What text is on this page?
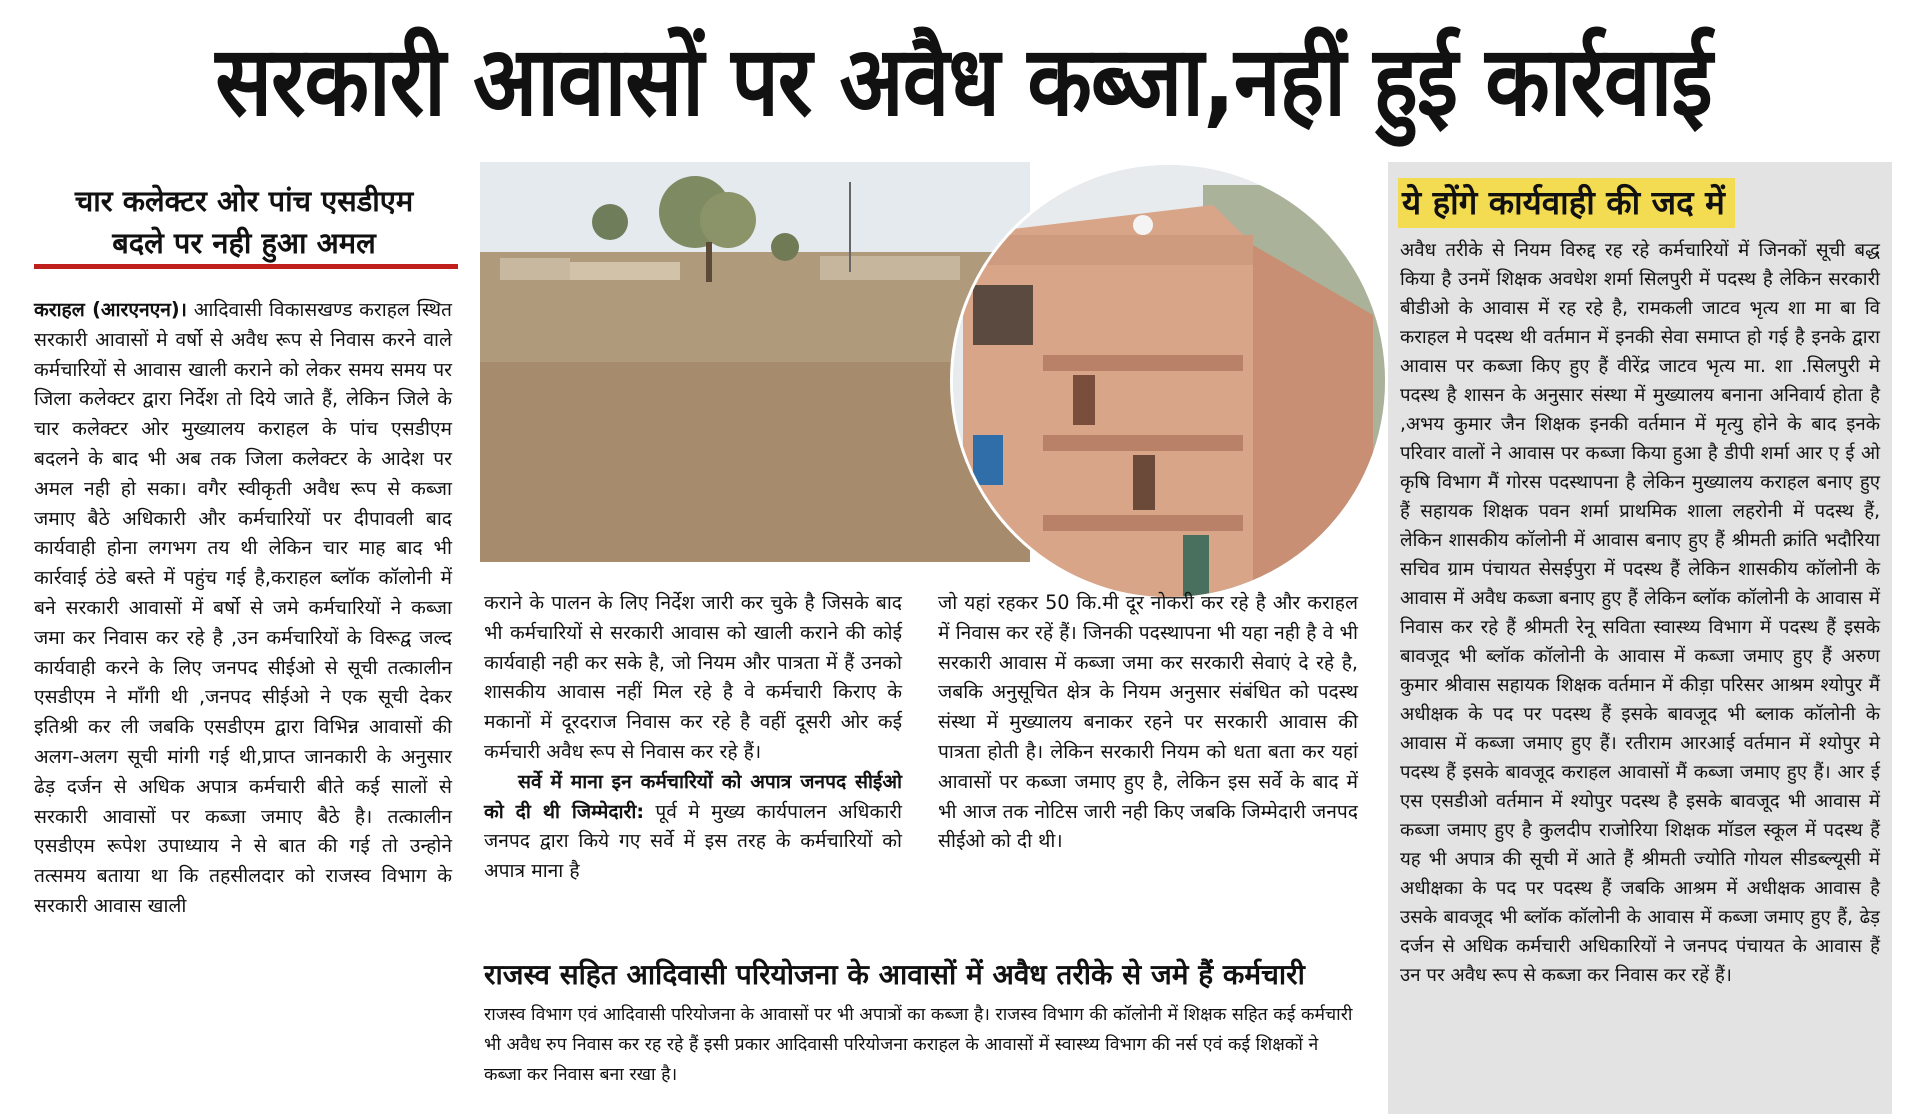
सरकारी आवासों पर अवैध कब्जा,नहीं हुई कार्रवाई
चार कलेक्टर ओर पांच एसडीएम
बदले पर नही हुआ अमल

कराहल (आरएनएन)। आदिवासी विकासखण्ड कराहल स्थित सरकारी आवासों मे वर्षो से अवैध रूप से निवास करने वाले कर्मचारियों से आवास खाली कराने को लेकर समय समय पर जिला कलेक्टर द्वारा निर्देश तो दिये जाते हैं, लेकिन जिले के चार कलेक्टर ओर मुख्यालय कराहल के पांच एसडीएम बदलने के बाद भी अब तक जिला कलेक्टर के आदेश पर अमल नही हो सका। वगैर स्वीकृती अवैध रूप से कब्जा जमाए बैठे अधिकारी और कर्मचारियों पर दीपावली बाद कार्यवाही होना लगभग तय थी लेकिन चार माह बाद भी कार्रवाई ठंडे बस्ते में पहुंच गई है,कराहल ब्लॉक कॉलोनी में बने सरकारी आवासों में बर्षो से जमे कर्मचारियों ने कब्जा जमा कर निवास कर रहे है ,उन कर्मचारियों के विरूद्व जल्द कार्यवाही करने के लिए जनपद सीईओ से सूची तत्कालीन एसडीएम ने माँगी थी ,जनपद सीईओ ने एक सूची देकर इतिश्री कर ली जबकि एसडीएम द्वारा विभिन्न आवासों की अलग-अलग सूची मांगी गई थी,प्राप्त जानकारी के अनुसार ढेड़ दर्जन से अधिक अपात्र कर्मचारी बीते कई सालों से सरकारी आवासों पर कब्जा जमाए बैठे है। तत्कालीन एसडीएम रूपेश उपाध्याय ने से बात की गई तो उन्होने तत्समय बताया था कि तहसीलदार को राजस्व विभाग के सरकारी आवास खाली

कराने के पालन के लिए निर्देश जारी कर चुके है जिसके बाद भी कर्मचारियों से सरकारी आवास को खाली कराने की कोई कार्यवाही नही कर सके है, जो नियम और पात्रता में हैं उनको शासकीय आवास नहीं मिल रहे है वे कर्मचारी किराए के मकानों में दूरदराज निवास कर रहे है वहीं दूसरी ओर कई कर्मचारी अवैध रूप से निवास कर रहे हैं।

सर्वे में माना इन कर्मचारियों को अपात्र जनपद सीईओ को दी थी जिम्मेदारी: पूर्व मे मुख्य कार्यपालन अधिकारी जनपद द्वारा किये गए सर्वे में इस तरह के कर्मचारियों को अपात्र माना है

जो यहां रहकर 50 कि.मी दूर नोकरी कर रहे है और कराहल में निवास कर रहें हैं। जिनकी पदस्थापना भी यहा नही है वे भी सरकारी आवास में कब्जा जमा कर सरकारी सेवाएं दे रहे है, जबकि अनुसूचित क्षेत्र के नियम अनुसार संबंधित को पदस्थ संस्था में मुख्यालय बनाकर रहने पर सरकारी आवास की पात्रता होती है। लेकिन सरकारी नियम को धता बता कर यहां आवासों पर कब्जा जमाए हुए है, लेकिन इस सर्वे के बाद में भी आज तक नोटिस जारी नही किए जबकि जिम्मेदारी जनपद सीईओ को दी थी।

राजस्व सहित आदिवासी परियोजना के आवासों में अवैध तरीके से जमे हैं कर्मचारी
राजस्व विभाग एवं आदिवासी परियोजना के आवासों पर भी अपात्रों का कब्जा है। राजस्व विभाग की कॉलोनी में शिक्षक सहित कई कर्मचारी भी अवैध रुप निवास कर रह रहे हैं इसी प्रकार आदिवासी परियोजना कराहल के आवासों में स्वास्थ्य विभाग की नर्स एवं कई शिक्षकों ने कब्जा कर निवास बना रखा है।
ये होंगे कार्यवाही की जद में
अवैध तरीके से नियम विरुद्द रह रहे कर्मचारियों में जिनकों सूची बद्ध किया है उनमें शिक्षक अवधेश शर्मा सिलपुरी में पदस्थ है लेकिन सरकारी बीडीओ के आवास में रह रहे है, रामकली जाटव भृत्य शा मा बा वि कराहल मे पदस्थ थी वर्तमान में इनकी सेवा समाप्त हो गई है इनके द्वारा आवास पर कब्जा किए हुए हैं वीरेंद्र जाटव भृत्य मा. शा .सिलपुरी मे पदस्थ है शासन के अनुसार संस्था में मुख्यालय बनाना अनिवार्य होता है ,अभय कुमार जैन शिक्षक इनकी वर्तमान में मृत्यु होने के बाद इनके परिवार वालों ने आवास पर कब्जा किया हुआ है डीपी शर्मा आर ए ई ओ कृषि विभाग मैं गोरस पदस्थापना है लेकिन मुख्यालय कराहल बनाए हुए हैं सहायक शिक्षक पवन शर्मा प्राथमिक शाला लहरोनी में पदस्थ हैं, लेकिन शासकीय कॉलोनी में आवास बनाए हुए हैं श्रीमती क्रांति भदौरिया सचिव ग्राम पंचायत सेसईपुरा में पदस्थ हैं लेकिन शासकीय कॉलोनी के आवास में अवैध कब्जा बनाए हुए हैं लेकिन ब्लॉक कॉलोनी के आवास में निवास कर रहे हैं श्रीमती रेनू सविता स्वास्थ्य विभाग में पदस्थ हैं इसके बावजूद भी ब्लॉक कॉलोनी के आवास में कब्जा जमाए हुए हैं अरुण कुमार श्रीवास सहायक शिक्षक वर्तमान में कीड़ा परिसर आश्रम श्योपुर मैं अधीक्षक के पद पर पदस्थ हैं इसके बावजूद भी ब्लाक कॉलोनी के आवास में कब्जा जमाए हुए हैं। रतीराम आरआई वर्तमान में श्योपुर मे पदस्थ हैं इसके बावजूद कराहल आवासों मैं कब्जा जमाए हुए हैं। आर ई एस एसडीओ वर्तमान में श्योपुर पदस्थ है इसके बावजूद भी आवास में कब्जा जमाए हुए है कुलदीप राजोरिया शिक्षक मॉडल स्कूल में पदस्थ हैं यह भी अपात्र की सूची में आते हैं श्रीमती ज्योति गोयल सीडब्ल्यूसी में अधीक्षका के पद पर पदस्थ हैं जबकि आश्रम में अधीक्षक आवास है उसके बावजूद भी ब्लॉक कॉलोनी के आवास में कब्जा जमाए हुए हैं, ढेड़ दर्जन से अधिक कर्मचारी अधिकारियों ने जनपद पंचायत के आवास हैं उन पर अवैध रूप से कब्जा कर निवास कर रहें हैं।
